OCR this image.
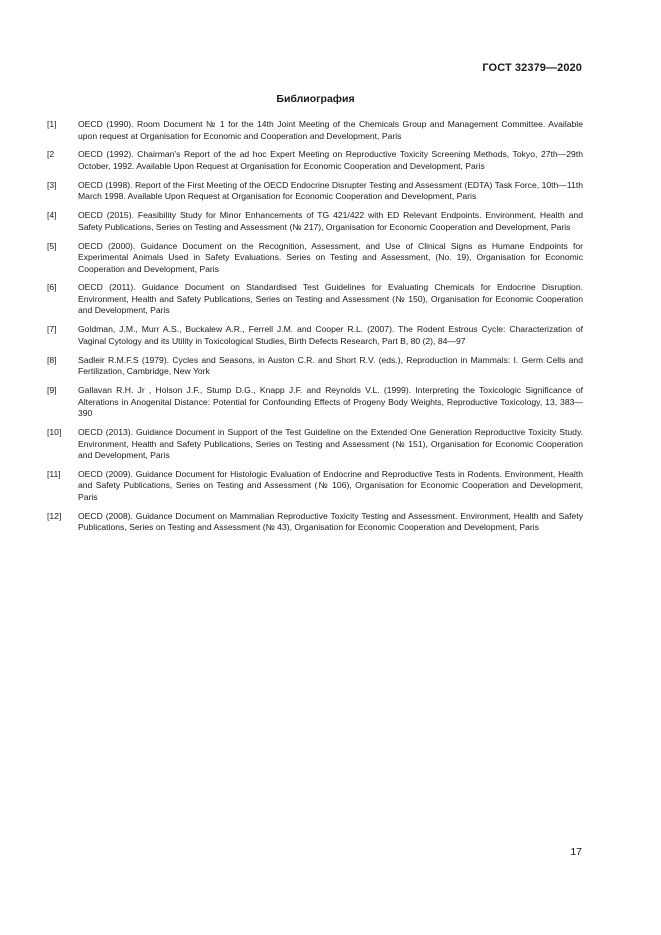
ГОСТ 32379—2020
Библиография
[1]	OECD (1990). Room Document № 1 for the 14th Joint Meeting of the Chemicals Group and Management Committee. Available upon request at Organisation for Economic and Cooperation and Development, Paris
[2	OECD (1992). Chairman’s Report of the ad hoc Expert Meeting on Reproductive Toxicity Screening Methods, Tokyo, 27th—29th October, 1992. Available Upon Request at Organisation for Economic Cooperation and Development, Paris
[3]	OECD (1998). Report of the First Meeting of the OECD Endocrine Disrupter Testing and Assessment (EDTA) Task Force, 10th—11th March 1998. Available Upon Request at Organisation for Economic Cooperation and Development, Paris
[4]	OECD (2015). Feasibility Study for Minor Enhancements of TG 421/422 with ED Relevant Endpoints. Environment, Health and Safety Publications, Series on Testing and Assessment (№ 217), Organisation for Economic Cooperation and Development, Paris
[5]	OECD (2000). Guidance Document on the Recognition, Assessment, and Use of Clinical Signs as Humane Endpoints for Experimental Animals Used in Safety Evaluations. Series on Testing and Assessment, (No. 19), Organisation for Economic Cooperation and Development, Paris
[6]	OECD (2011). Guidance Document on Standardised Test Guidelines for Evaluating Chemicals for Endocrine Disruption. Environment, Health and Safety Publications, Series on Testing and Assessment (№ 150), Organisation for Economic Cooperation and Development, Paris
[7]	Goldman, J.M., Murr A.S., Buckalew A.R., Ferrell J.M. and Cooper R.L. (2007). The Rodent Estrous Cycle: Characterization of Vaginal Cytology and its Utility in Toxicological Studies, Birth Defects Research, Part B, 80 (2), 84—97
[8]	Sadleir R.M.F.S (1979). Cycles and Seasons, in Auston C.R. and Short R.V. (eds.), Reproduction in Mammals: I. Germ Cells and Fertilization, Cambridge, New York
[9]	Gallavan R.H. Jr , Holson J.F., Stump D.G., Knapp J.F. and Reynolds V.L. (1999). Interpreting the Toxicologic Significance of Alterations in Anogenital Distance: Potential for Confounding Effects of Progeny Body Weights, Reproductive Toxicology, 13, 383—390
[10]	OECD (2013). Guidance Document in Support of the Test Guideline on the Extended One Generation Reproductive Toxicity Study. Environment, Health and Safety Publications, Series on Testing and Assessment (№ 151), Organisation for Economic Cooperation and Development, Paris
[11]	OECD (2009). Guidance Document for Histologic Evaluation of Endocrine and Reproductive Tests in Rodents. Environment, Health and Safety Publications, Series on Testing and Assessment (№ 106), Organisation for Economic Cooperation and Development, Paris
[12]	OECD (2008). Guidance Document on Mammalian Reproductive Toxicity Testing and Assessment. Environment, Health and Safety Publications, Series on Testing and Assessment (№ 43), Organisation for Economic Cooperation and Development, Paris
17
